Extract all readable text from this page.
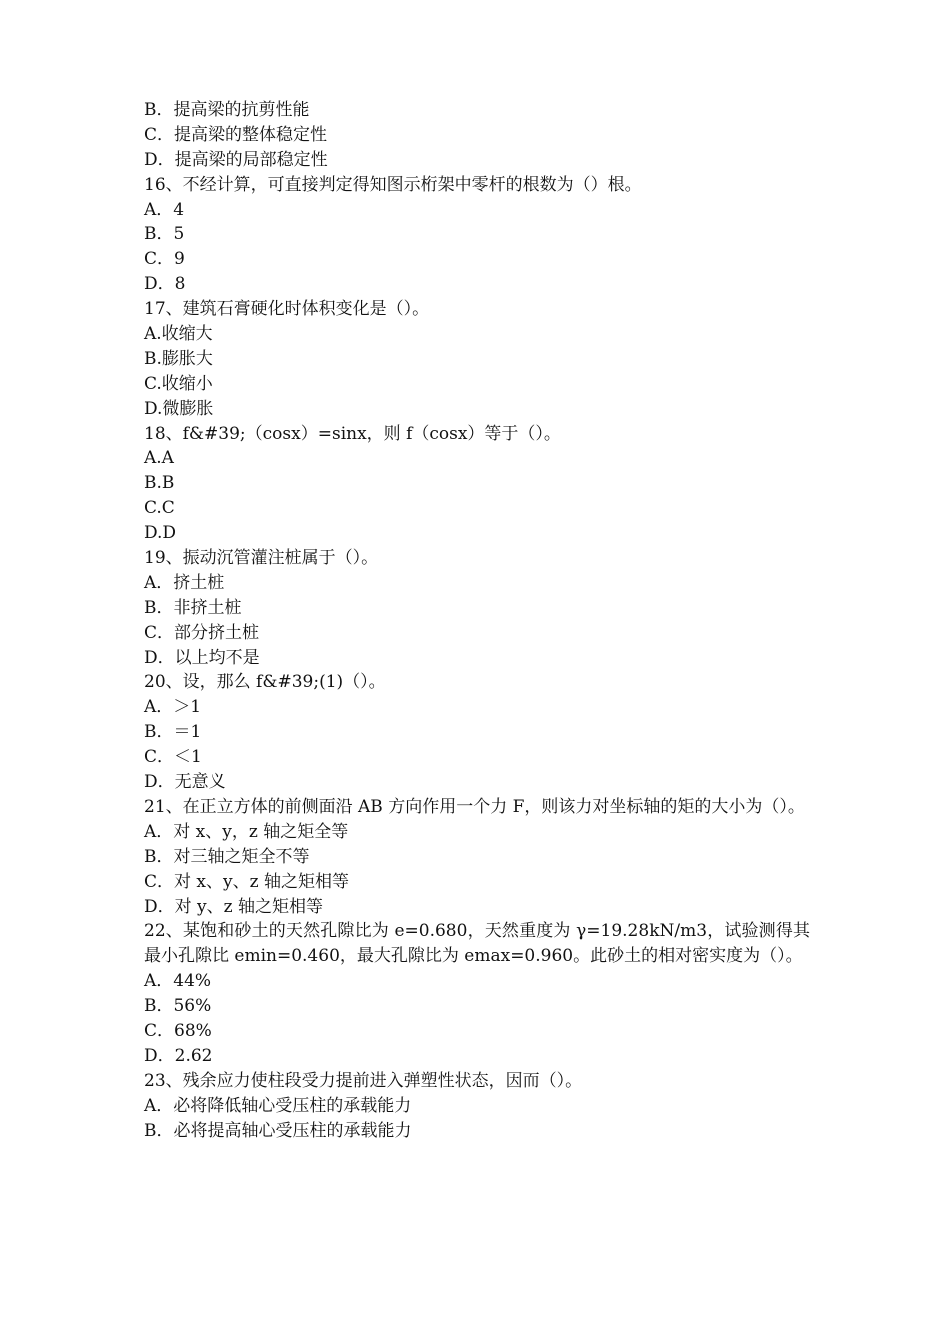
B．提高梁的抗剪性能
C．提高梁的整体稳定性
D．提高梁的局部稳定性
16、不经计算，可直接判定得知图示桁架中零杆的根数为（）根。
A．4
B．5
C．9
D．8
17、建筑石膏硬化时体积变化是（）。
A.收缩大
B.膨胀大
C.收缩小
D.微膨胀
18、f&#39;（cosx）=sinx，则 f（cosx）等于（）。
A.A
B.B
C.C
D.D
19、振动沉管灌注桩属于（）。
A．挤土桩
B．非挤土桩
C．部分挤土桩
D．以上均不是
20、设，那么 f&#39;(1)（）。
A．＞1
B．＝1
C．＜1
D．无意义
21、在正立方体的前侧面沿 AB 方向作用一个力 F，则该力对坐标轴的矩的大小为（）。
A．对 x、y，z 轴之矩全等
B．对三轴之矩全不等
C．对 x、y、z 轴之矩相等
D．对 y、z 轴之矩相等
22、某饱和砂土的天然孔隙比为 e=0.680，天然重度为 γ=19.28kN/m3，试验测得其最小孔隙比 emin=0.460，最大孔隙比为 emax=0.960。此砂土的相对密实度为（）。
A．44%
B．56%
C．68%
D．2.62
23、残余应力使柱段受力提前进入弹塑性状态，因而（）。
A．必将降低轴心受压柱的承载能力
B．必将提高轴心受压柱的承载能力
